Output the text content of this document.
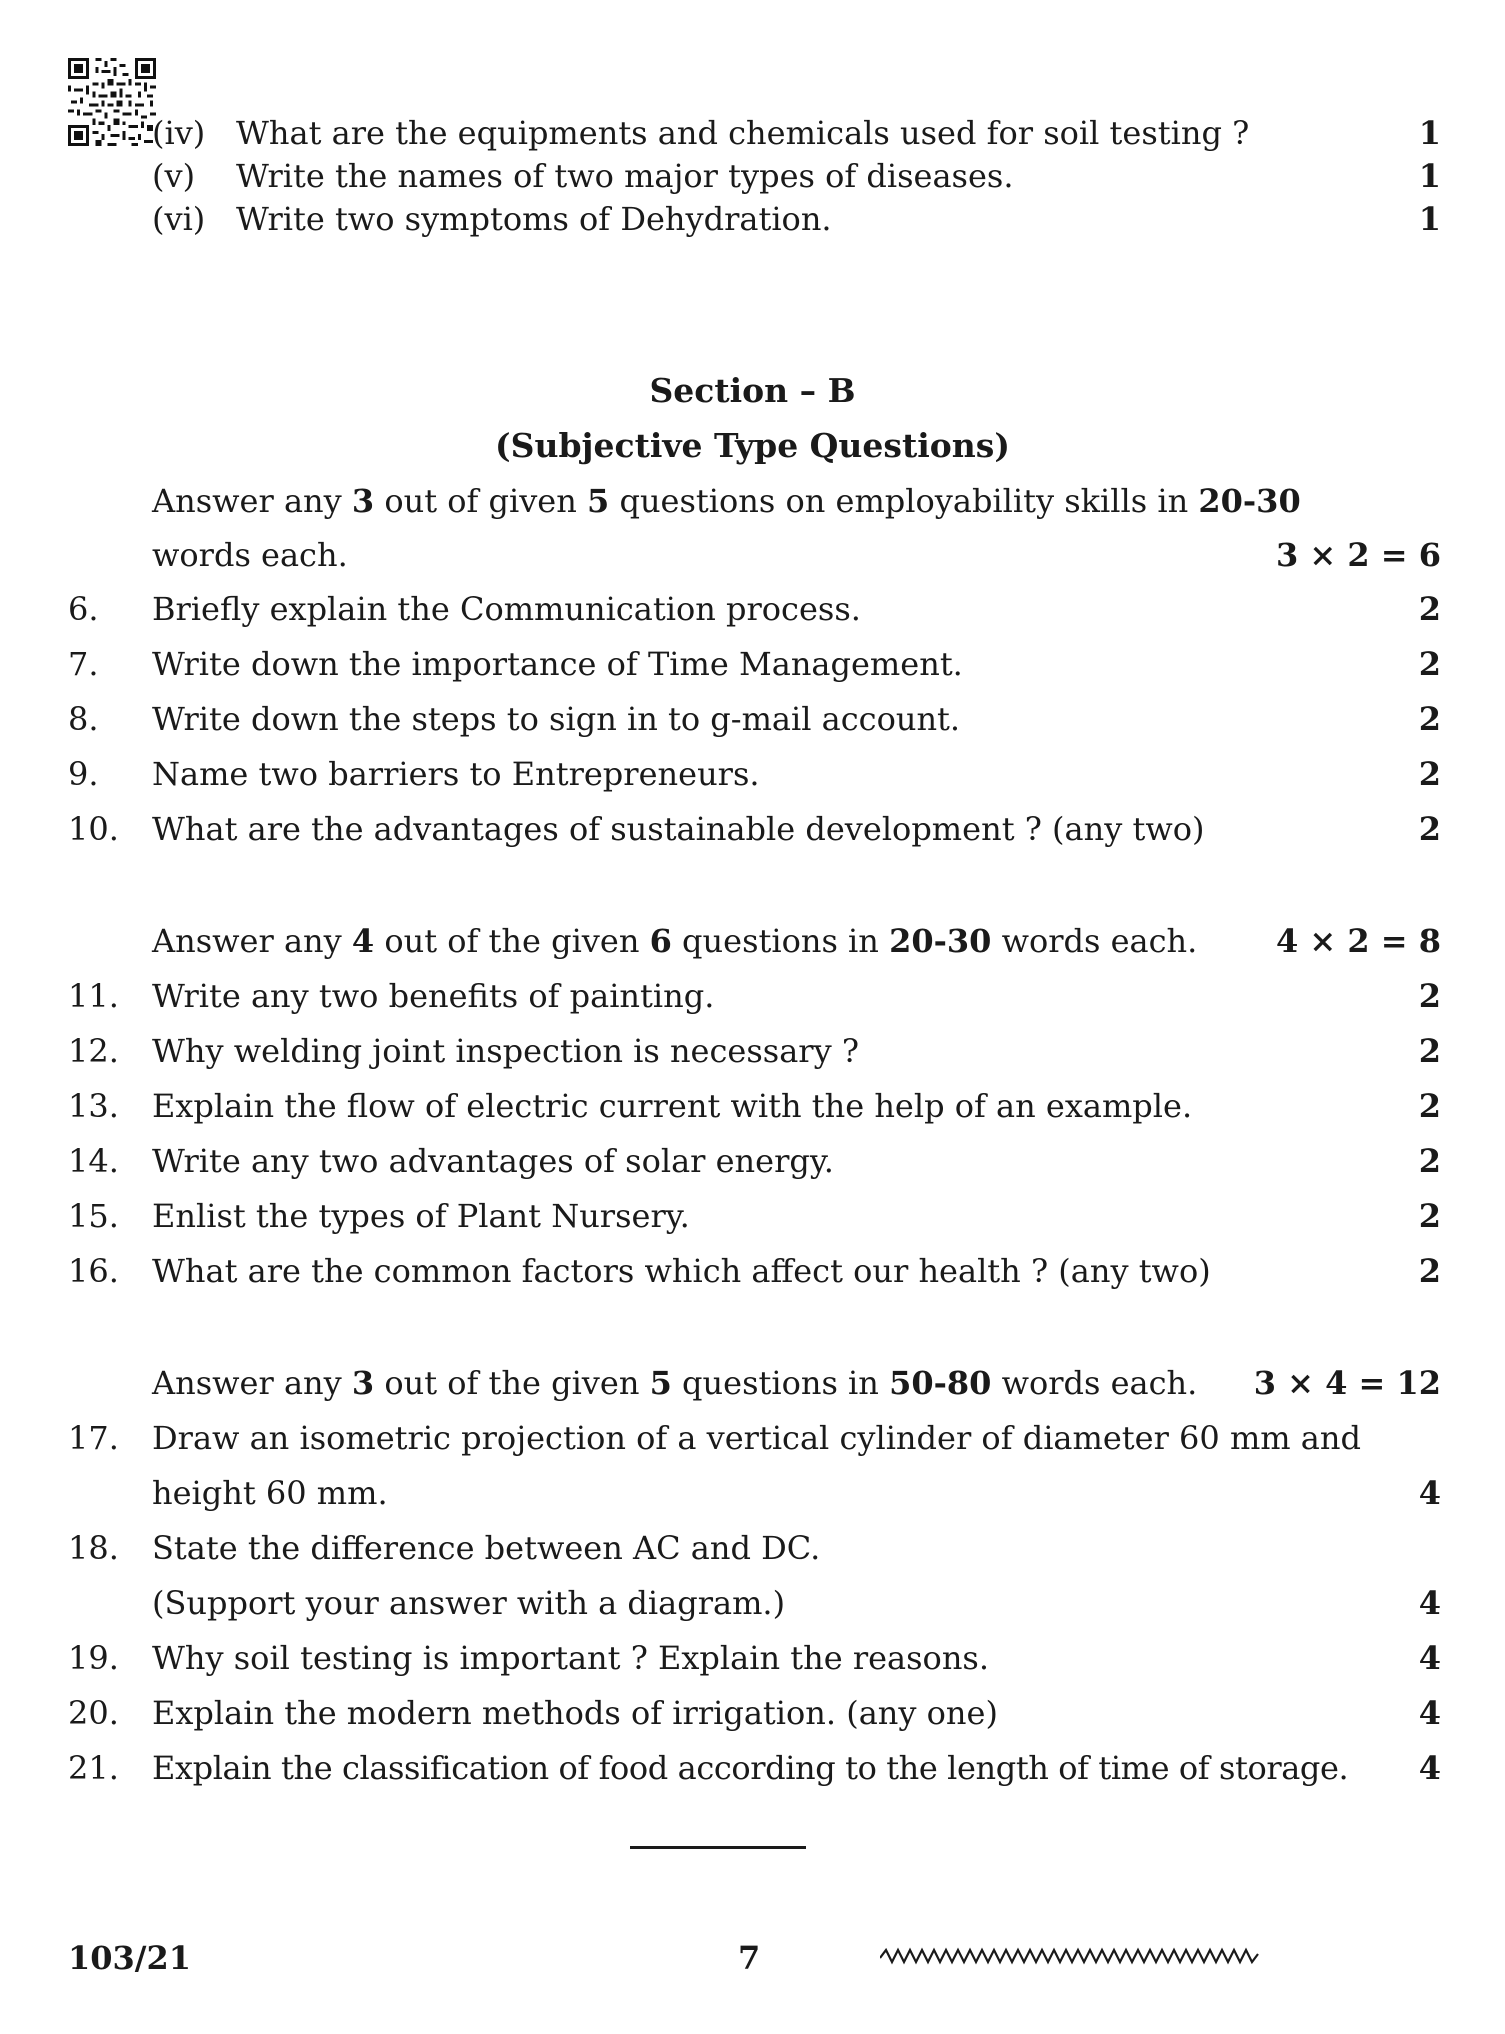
(iv) What are the equipments and chemicals used for soil testing ?	1
(v) Write the names of two major types of diseases.	1
(vi) Write two symptoms of Dehydration.	1
Section – B
(Subjective Type Questions)
Answer any 3 out of given 5 questions on employability skills in 20-30
words each.	3 × 2 = 6
6. Briefly explain the Communication process.	2
7. Write down the importance of Time Management.	2
8. Write down the steps to sign in to g-mail account.	2
9. Name two barriers to Entrepreneurs.	2
10. What are the advantages of sustainable development ? (any two)	2
Answer any 4 out of the given 6 questions in 20-30 words each. 4 × 2 = 8
11. Write any two benefits of painting.	2
12. Why welding joint inspection is necessary ?	2
13. Explain the flow of electric current with the help of an example.	2
14. Write any two advantages of solar energy.	2
15. Enlist the types of Plant Nursery.	2
16. What are the common factors which affect our health ? (any two)	2
Answer any 3 out of the given 5 questions in 50-80 words each. 3 × 4 = 12
17. Draw an isometric projection of a vertical cylinder of diameter 60 mm and
height 60 mm.	4
18. State the difference between AC and DC.
(Support your answer with a diagram.)	4
19. Why soil testing is important ? Explain the reasons.	4
20. Explain the modern methods of irrigation. (any one)	4
21. Explain the classification of food according to the length of time of storage. 4
103/21	7
